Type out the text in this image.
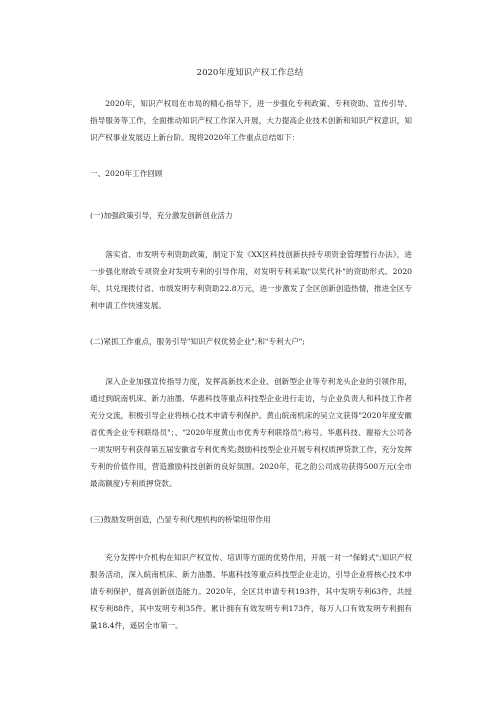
2020年度知识产权工作总结
2020年，知识产权局在市局的精心指导下，进一步强化专利政策、专利资助、宣传引导、指导服务等工作，全面推动知识产权工作深入开展，大力提高企业技术创新和知识产权意识，知识产权事业发展迈上新台阶。现将2020年工作重点总结如下：
一、2020年工作回顾
(一)加强政策引导，充分激发创新创业活力
落实省、市发明专利资助政策，制定下发《XX区科技创新扶持专项资金管理暂行办法》，进一步强化财政专项资金对发明专利的引导作用，对发明专利采取"以奖代补"的资助形式。2020年，共兑现拨付省、市级发明专利资助22.8万元，进一步激发了全区创新创造热情，推进全区专利申请工作快速发展。
(二)紧抓工作重点，服务引导"知识产权优势企业";和"专利大户";
深入企业加强宣传指导力度，发挥高新技术企业、创新型企业等专利龙头企业的引领作用，通过到皖南机床、新力油墨、华惠科技等重点科技型企业进行走访，与企业负责人和科技工作者充分交流，积极引导企业将核心技术申请专利保护。黄山皖南机床的吴立文获得"2020年度安徽省优秀企业专利联络员"；、"2020年度黄山市优秀专利联络员";称号。华惠科技、谢裕大公司各一项发明专利获得第五届安徽省专利优秀奖;鼓励科技型企业开展专利权质押贷款工作，充分发挥专利的价值作用，营造激励科技创新的良好氛围。2020年，花之韵公司成功获得500万元(全市最高额度)专利质押贷款。
(三)鼓励发明创造，凸显专利代理机构的桥梁纽带作用
充分发挥中介机构在知识产权宣传、培训等方面的优势作用，开展一对一"保姆式";知识产权服务活动，深入皖南机床、新力油墨、华惠科技等重点科技型企业走访，引导企业将核心技术申请专利保护，提高创新创造能力。2020年，全区共申请专利193件，其中发明专利63件，共授权专利88件，其中发明专利35件。累计拥有有效发明专利173件，每万人口有效发明专利拥有量18.4件，遥居全市第一。
